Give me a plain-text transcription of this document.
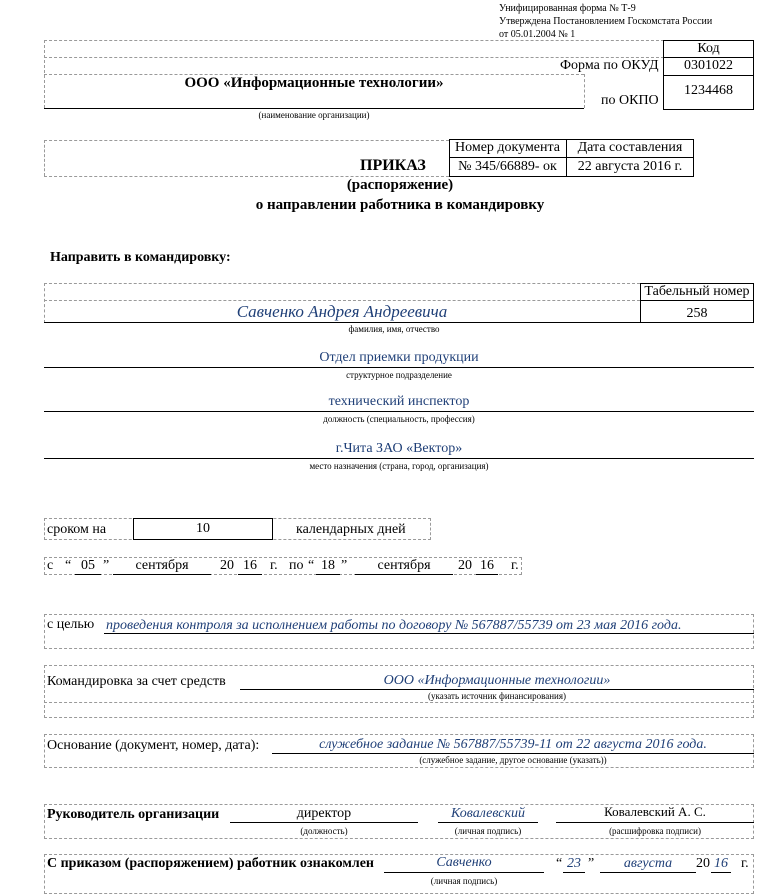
Унифицированная форма № Т-9
Утверждена Постановлением Госкомстата России
от 05.01.2004 № 1
Код
Форма по ОКУД	0301022
по ОКПО
1234468
ООО «Информационные технологии»
(наименование организации)
Номер документа	Дата составления
ПРИКАЗ	№ 345/66889- ок	22 августа 2016 г.
(распоряжение)
о направлении работника в командировку
Направить в командировку:
Табельный номер
Савченко Андрея Андреевича	258
фамилия, имя, отчество
Отдел приемки продукции
структурное подразделение
технический инспектор
должность (специальность, профессия)
г.Чита ЗАО «Вектор»
место назначения (страна, город, организация)
сроком на	10	календарных дней
с “ 05 ”	сентября	20 16 г. по “ 18 ”	сентября	20 16 г.
с целью проведения контроля за исполнением работы по договору № 567887/55739 от 23 мая 2016 года.
Командировка за счет средств	ООО «Информационные технологии»
(указать источник финансирования)
Основание (документ, номер, дата):	служебное задание № 567887/55739-11 от 22 августа 2016 года.
(служебное задание, другое основание (указать))
Руководитель организации	директор
(должность)
Ковалевский
(личная подпись)
Ковалевский А. С.
(расшифровка подписи)
С приказом (распоряжением) работник ознакомлен	Савченко
(личная подпись)
“ 23 ”	августа	20 16 г.
